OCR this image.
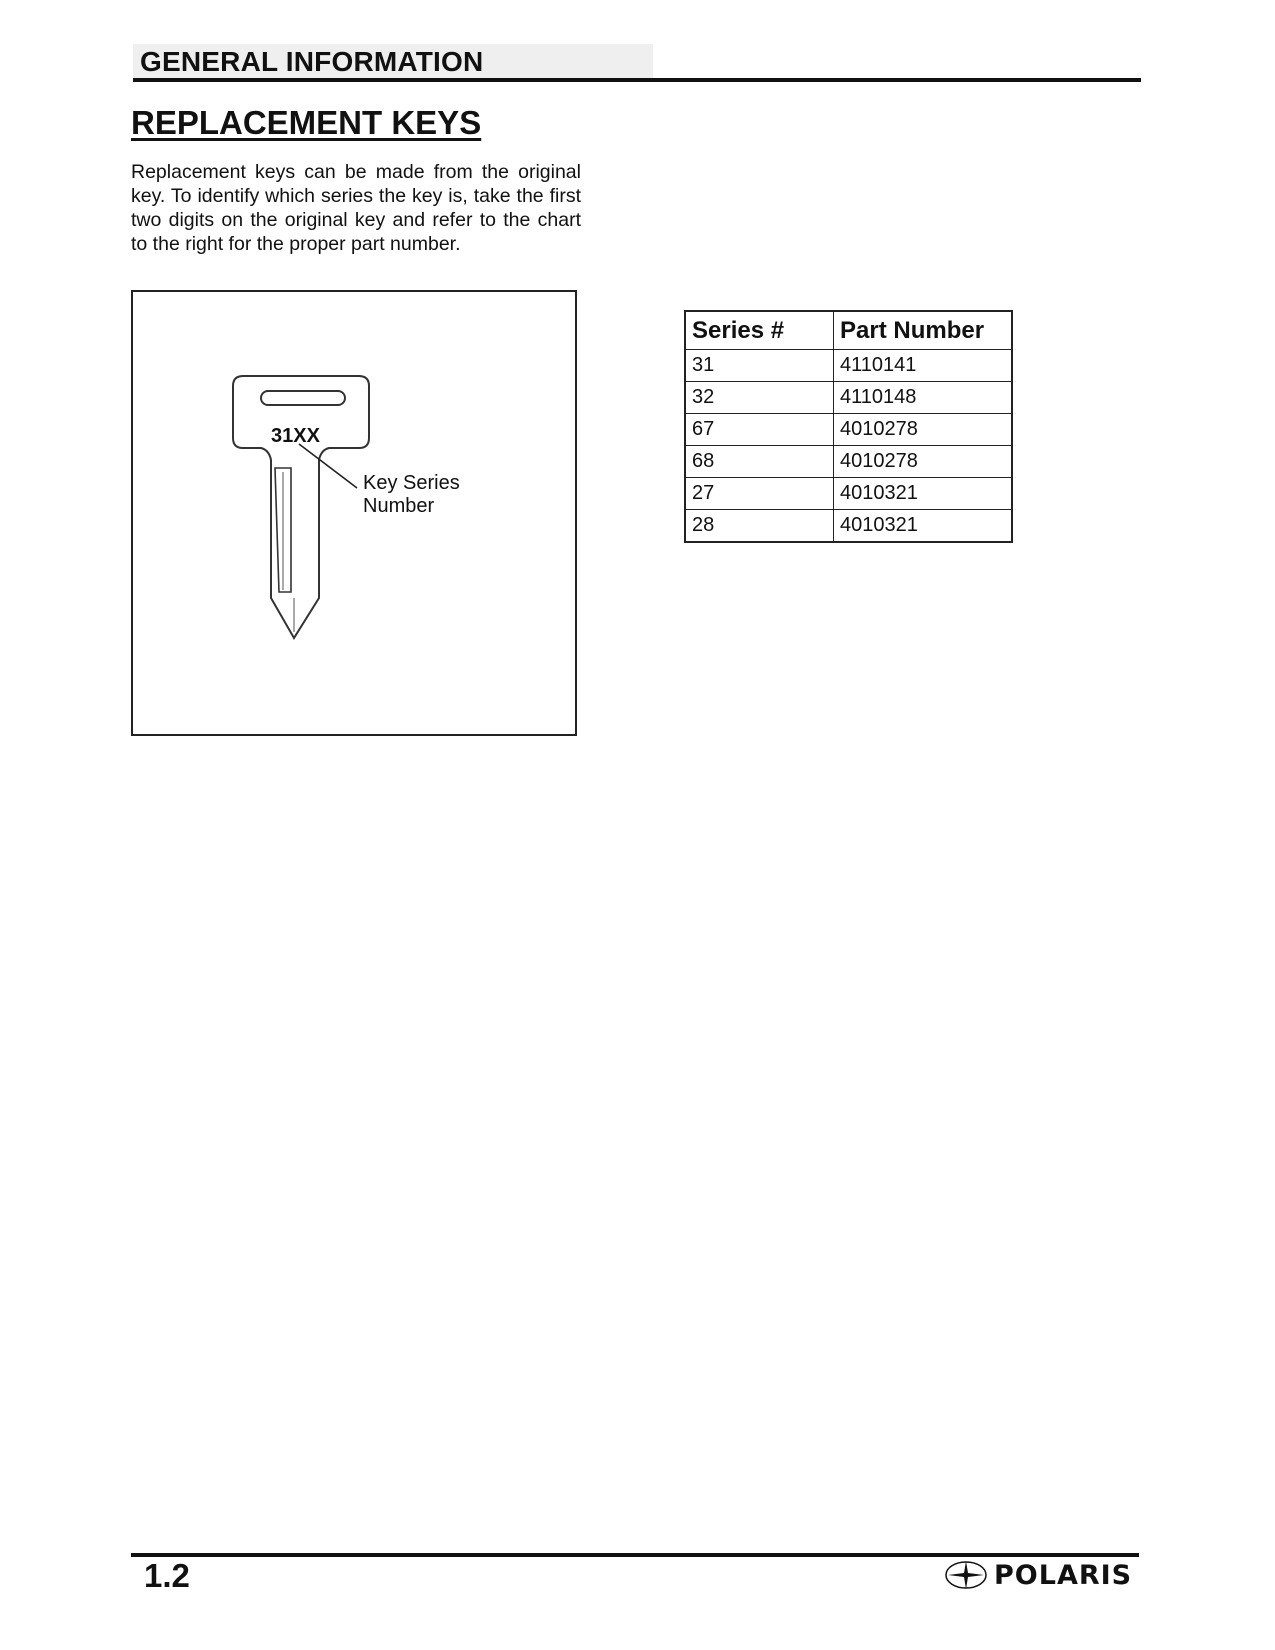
GENERAL INFORMATION
REPLACEMENT KEYS

Replacement keys can be made from the original key. To identify which series the key is, take the first two digits on the original key and refer to the chart to the right for the proper part number.

31XX
Key Series Number
Series #	Part Number
31	4110141
32	4110148
67	4010278
68	4010278
27	4010321
28	4010321
1.2	POLARIS
